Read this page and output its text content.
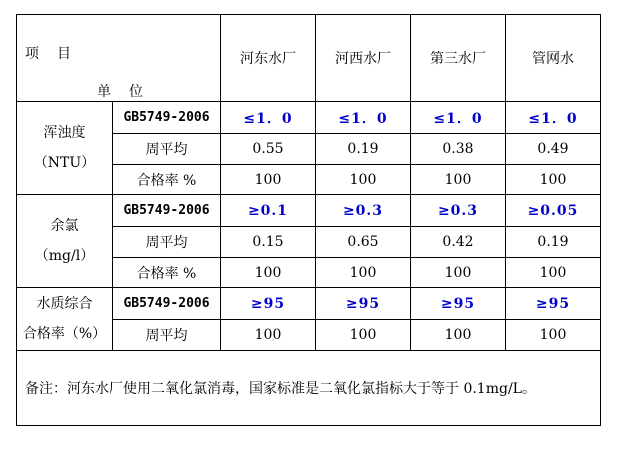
项　目
单　位		河东水厂	河西水厂	第三水厂	管网水

浑浊度
（NTU）	GB5749-2006	≤1．0	≤1．0	≤1．0	≤1．0
	周平均	0.55	0.19	0.38	0.49
	合格率 %	100	100	100	100

余氯
（mg/l）	GB5749-2006	≥0.1	≥0.3	≥0.3	≥0.05
	周平均	0.15	0.65	0.42	0.19
	合格率 %	100	100	100	100

水质综合
合格率（%）	GB5749-2006	≥95	≥95	≥95	≥95
	周平均	100	100	100	100
备注：河东水厂使用二氧化氯消毒，国家标准是二氧化氯指标大于等于 0.1mg/L。					
